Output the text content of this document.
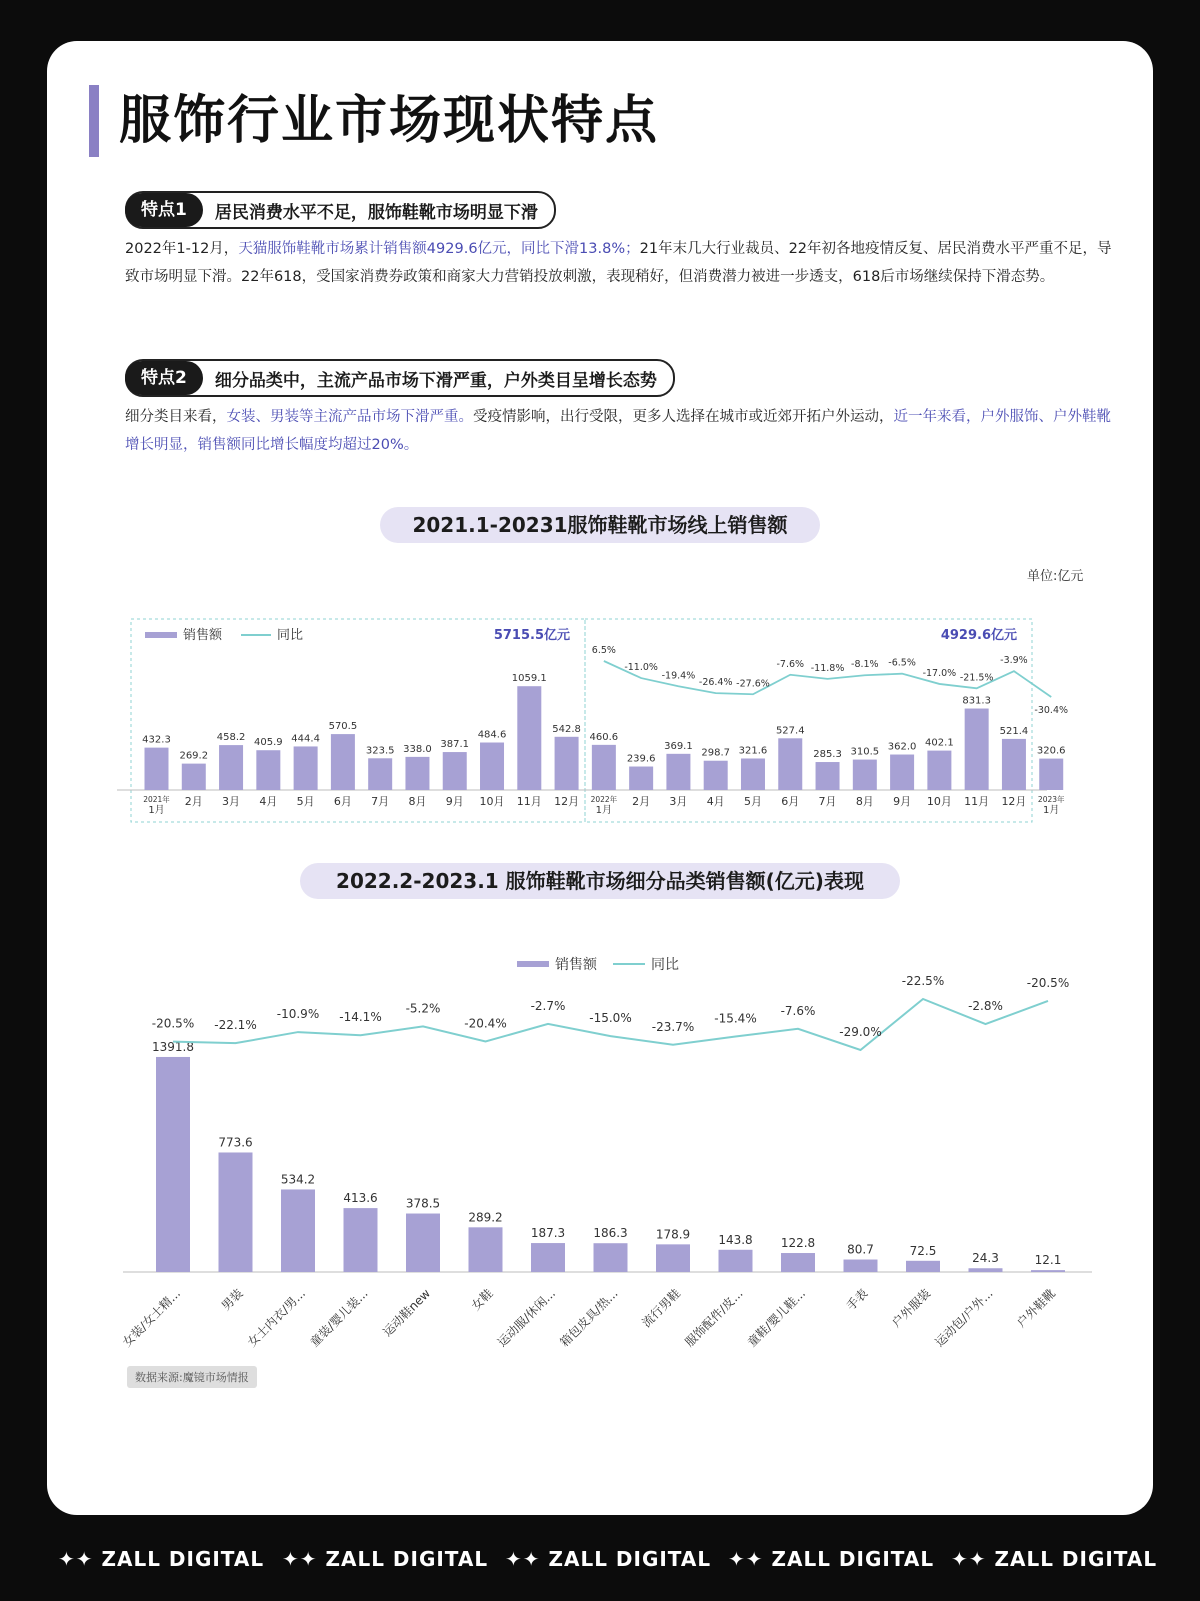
服饰行业市场现状特点
特点1	居民消费水平不足，服饰鞋靴市场明显下滑
2022年1-12月，天猫服饰鞋靴市场累计销售额4929.6亿元，同比下滑13.8%；21年末几大行业裁员、22年初各地疫情反复、居民消费水平严重不足，导致市场明显下滑。22年618，受国家消费券政策和商家大力营销投放刺激，表现稍好，但消费潜力被进一步透支，618后市场继续保持下滑态势。
特点2	细分品类中，主流产品市场下滑严重，户外类目呈增长态势
细分类目来看，女装、男装等主流产品市场下滑严重。受疫情影响，出行受限，更多人选择在城市或近郊开拓户外运动，近一年来看，户外服饰、户外鞋靴增长明显，销售额同比增长幅度均超过20%。
2021.1-20231服饰鞋靴市场线上销售额
单位:亿元
销售额	同比	5715.5亿元	4929.6亿元
432.3
2021年
1月
269.2
2月
458.2
3月
405.9
4月
444.4
5月
570.5
6月
323.5
7月
338.0
8月
387.1
9月
484.6
10月
1059.1
11月
542.8
12月
460.6
2022年
1月
239.6
2月
369.1
3月
298.7
4月
321.6
5月
527.4
6月
285.3
7月
310.5
8月
362.0
9月
402.1
10月
831.3
11月
521.4
12月
320.6
2023年
1月
6.5%
-11.0%
-19.4%
-26.4% -27.6%
-7.6% -11.8% -8.1% -6.5%
-17.0% -21.5%
-3.9%
-30.4%
2022.2-2023.1 服饰鞋靴市场细分品类销售额(亿元)表现
销售额	同比
1391.8
女装/女士精...
773.6
男装
534.2
女士内衣/男...
413.6
童装/婴儿装...
378.5
运动鞋new
289.2
女鞋
187.3
运动服/休闲...
186.3
箱包皮具/热...
178.9
流行男鞋
143.8
服饰配件/皮...
122.8
童鞋/婴儿鞋...
80.7
手表
72.5
户外服装
24.3
运动包/户外...
12.1
户外鞋靴
-20.5% -22.1%
-10.9% -14.1%
-5.2%
-20.4%
-2.7%
-15.0%
-23.7%
-15.4%
-7.6%
-29.0%
-22.5%
-2.8%
-20.5%
数据来源:魔镜市场情报
✦✦ ZALL DIGITAL ✦✦ ZALL DIGITAL ✦✦ ZALL DIGITAL ✦✦ ZALL DIGITAL ✦✦ ZALL DIGITAL
